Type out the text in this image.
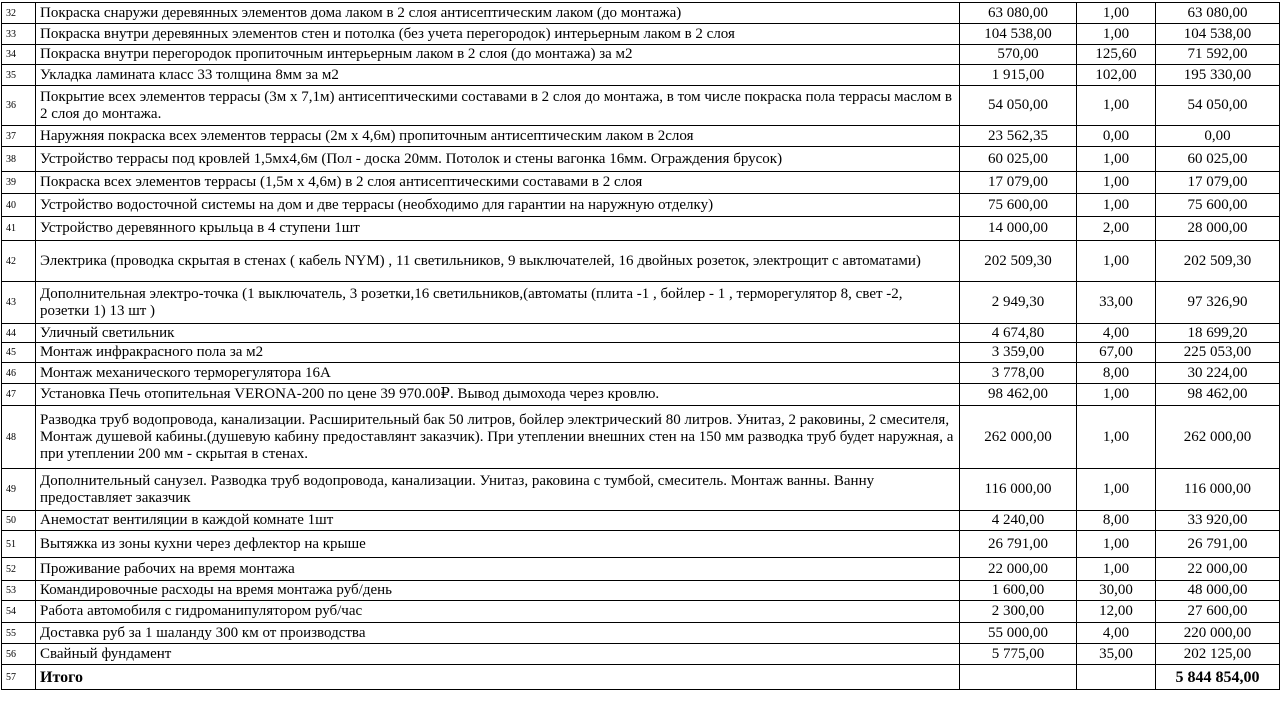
32	Покраска снаружи деревянных элементов дома лаком в 2 слоя антисептическим лаком (до монтажа)	63 080,00	1,00	63 080,00
33	Покраска внутри деревянных элементов стен и потолка (без учета перегородок) интерьерным лаком в 2 слоя	104 538,00	1,00	104 538,00
34	Покраска внутри перегородок пропиточным интерьерным лаком в 2 слоя (до монтажа) за м2	570,00	125,60	71 592,00
35	Укладка ламината класс 33 толщина 8мм за м2	1 915,00	102,00	195 330,00
36	Покрытие всех элементов террасы (3м х 7,1м) антисептическими составами в 2 слоя до монтажа, в том числе покраска пола террасы маслом в 2 слоя до монтажа.	54 050,00	1,00	54 050,00
37	Наружняя покраска всех элементов террасы (2м х 4,6м) пропиточным антисептическим лаком в 2слоя	23 562,35	0,00	0,00
38	Устройство террасы под кровлей 1,5мх4,6м (Пол - доска 20мм. Потолок и стены вагонка 16мм. Ограждения брусок)	60 025,00	1,00	60 025,00
39	Покраска всех элементов террасы (1,5м х 4,6м) в 2 слоя антисептическими составами в 2 слоя	17 079,00	1,00	17 079,00
40	Устройство водосточной системы на дом и две террасы (необходимо для гарантии на наружную отделку)	75 600,00	1,00	75 600,00
41	Устройство деревянного крыльца в 4 ступени 1шт	14 000,00	2,00	28 000,00
42	Электрика (проводка скрытая в стенах ( кабель NYM) , 11 светильников, 9 выключателей, 16 двойных розеток, электрощит с автоматами)	202 509,30	1,00	202 509,30
43	Дополнительная электро-точка (1 выключатель, 3 розетки,16 светильников,(автоматы (плита -1 , бойлер - 1 , терморегулятор 8, свет -2, розетки 1) 13 шт )	2 949,30	33,00	97 326,90
44	Уличный светильник	4 674,80	4,00	18 699,20
45	Монтаж инфракрасного пола за м2	3 359,00	67,00	225 053,00
46	Монтаж механического терморегулятора 16А	3 778,00	8,00	30 224,00
47	Установка Печь отопительная VERONA-200 по цене 39 970.00₽. Вывод дымохода через кровлю.	98 462,00	1,00	98 462,00
48	Разводка труб водопровода, канализации. Расширительный бак 50 литров, бойлер электрический 80 литров. Унитаз, 2 раковины, 2 смесителя, Монтаж душевой кабины.(душевую кабину предоставлянт заказчик). При утеплении внешних стен на 150 мм разводка труб будет наружная, а при утеплении 200 мм - скрытая в стенах.	262 000,00	1,00	262 000,00
49	Дополнительный санузел. Разводка труб водопровода, канализации. Унитаз, раковина с тумбой, смеситель. Монтаж ванны. Ванну предоставляет заказчик	116 000,00	1,00	116 000,00
50	Анемостат вентиляции в каждой комнате 1шт	4 240,00	8,00	33 920,00
51	Вытяжка из зоны кухни через дефлектор на крыше	26 791,00	1,00	26 791,00
52	Проживание рабочих на время монтажа	22 000,00	1,00	22 000,00
53	Командировочные расходы на время монтажа руб/день	1 600,00	30,00	48 000,00
54	Работа автомобиля с гидроманипулятором руб/час	2 300,00	12,00	27 600,00
55	Доставка руб за 1 шаланду 300 км от производства	55 000,00	4,00	220 000,00
56	Свайный фундамент	5 775,00	35,00	202 125,00
57	Итого			5 844 854,00
